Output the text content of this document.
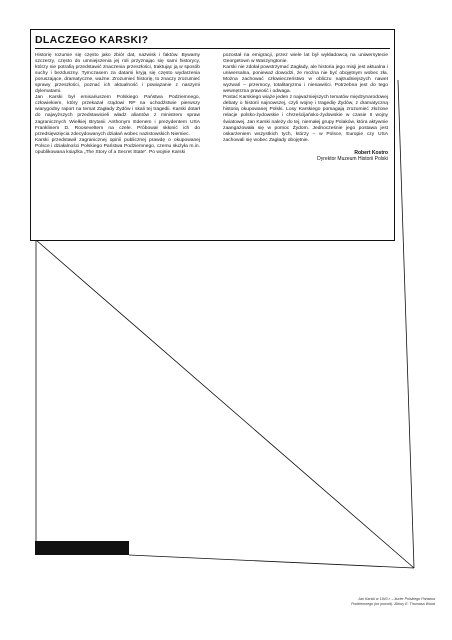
DLACZEGO KARSKI?

Historię rozumie się często jako zbiór dat, nazwisk i faktów. Bywamy szczerzy, często do umniejszenia jej roli przyznając się sami historycy, którzy nie potrafią przedstawić znaczenia przeszłości, traktując ją w sposób suchy i bezduszny. Tymczasem za datami kryją się często wydarzenia poruszające, dramatyczne, ważne. Zrozumieć historię, to znaczy zrozumieć sprawy przeszłości, poznać ich aktualność i powiązanie z naszymi dylematami.

Jan Karski był emisariuszem Polskiego Państwa Podziemnego, człowiekiem, który przekazał rządowi RP na uchodźstwie pierwszy wiarygodny raport na temat Zagłady Żydów i skali tej tragedii. Karski dotarł do najwyższych przedstawicieli władz aliantów z ministrem spraw zagranicznych Wielkiej Brytanii Anthonym Edenem i prezydentem USA Franklinem D. Rooseveltem na czele. Próbował skłonić ich do przedsięwzięcia zdecydowanych działań wobec nazistowskich Niemiec.

Karski przedstawił zagranicznej opinii publicznej prawdę o okupowanej Polsce i działalności Polskiego Państwa Podziemnego, czemu służyła m.in. opublikowana książka „The Story of a Secret State". Po wojnie Karski

pozostał na emigracji, przez wiele lat był wykładowcą na uniwersytecie Georgetown w Waszyngtonie.

Karski nie zdołał powstrzymać Zagłady, ale historia jego misji jest aktualna i uniwersalna, ponieważ dowodzi, że można nie być obojętnym wobec zła. Można zachować człowieczeństwo w obliczu najtrudniejszych nawet wyzwań – przemocy, totalitaryzmu i nienawiści. Potrzebna jest do tego wewnętrzna prawość i odwaga.

Postać Karskiego wiąże jeden z najważniejszych tematów międzynarodowej debaty o historii najnowszej, czyli wojnę i tragedię Żydów, z dramatyczną historią okupowanej Polski. Losy Karskiego pomagają zrozumieć złożone relacje polsko-żydowskie i chrześcijańsko-żydowskie w czasie II wojny światowej. Jan Karski należy do tej, niemałej grupy Polaków, która aktywnie zaangażowała się w pomoc Żydom. Jednocześnie jego postawa jest oskarżeniem wszystkich tych, którzy – w Polsce, Europie czy USA zachowali się wobec Zagłady obojętnie.

Robert Kostro
Dyrektor Muzeum Historii Polski

Jan Karski w 1943 r. – kurier Polskiego Państwa

Podziemnego (on powrót). Zbiory E. Thomasa Wood
